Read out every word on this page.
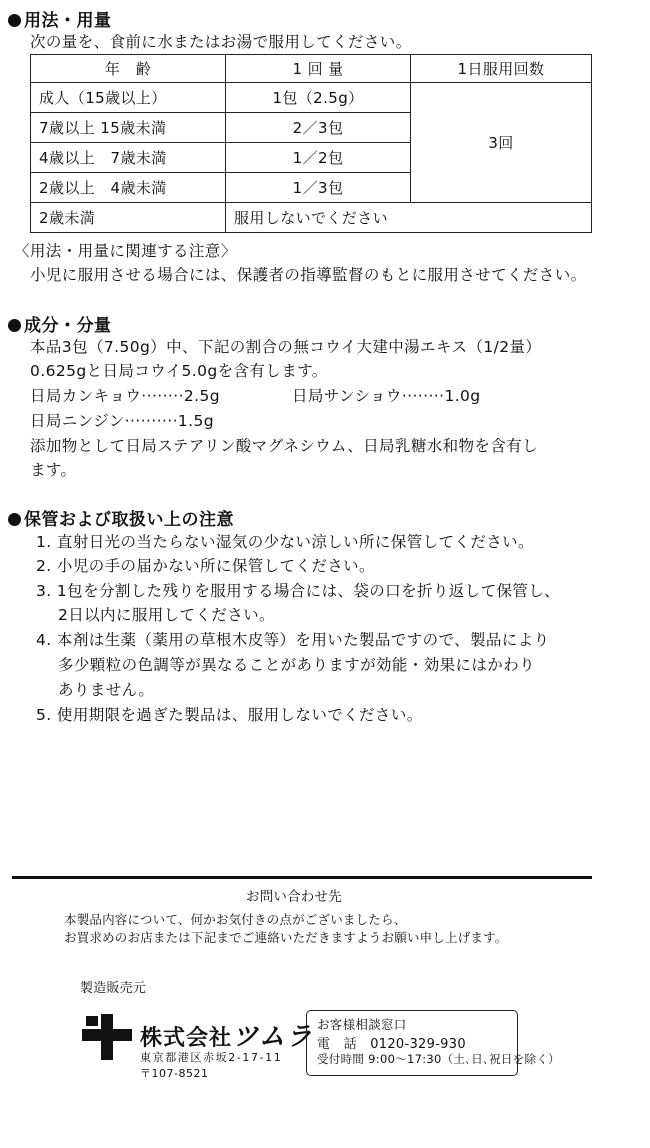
用法・用量
次の量を、食前に水またはお湯で服用してください。
年　齢	1 回 量	1日服用回数
成人（15歳以上）	1包（2.5g）	3回
7歳以上 15歳未満	2／3包	
4歳以上　7歳未満	1／2包	
2歳以上　4歳未満	1／3包	
2歳未満	服用しないでください	
〈用法・用量に関連する注意〉
小児に服用させる場合には、保護者の指導監督のもとに服用させてください。
成分・分量
本品3包（7.50g）中、下記の割合の無コウイ大建中湯エキス（1/2量）
0.625gと日局コウイ5.0gを含有します。
日局カンキョウ········2.5g	日局サンショウ········1.0g
日局ニンジン··········1.5g
添加物として日局ステアリン酸マグネシウム、日局乳糖水和物を含有し
ます。
保管および取扱い上の注意
1. 直射日光の当たらない湿気の少ない涼しい所に保管してください。
2. 小児の手の届かない所に保管してください。
3. 1包を分割した残りを服用する場合には、袋の口を折り返して保管し、
2日以内に服用してください。
4. 本剤は生薬（薬用の草根木皮等）を用いた製品ですので、製品により
多少顆粒の色調等が異なることがありますが効能・効果にはかわり
ありません。
5. 使用期限を過ぎた製品は、服用しないでください。
お問い合わせ先
本製品内容について、何かお気付きの点がございましたら、
お買求めのお店または下記までご連絡いただきますようお願い申し上げます。
製造販売元
株式会社ツムラ
東京都港区赤坂2-17-11
〒107-8521
お客様相談窓口
電　話　0120-329-930
受付時間 9:00～17:30（土､日､祝日を除く）
